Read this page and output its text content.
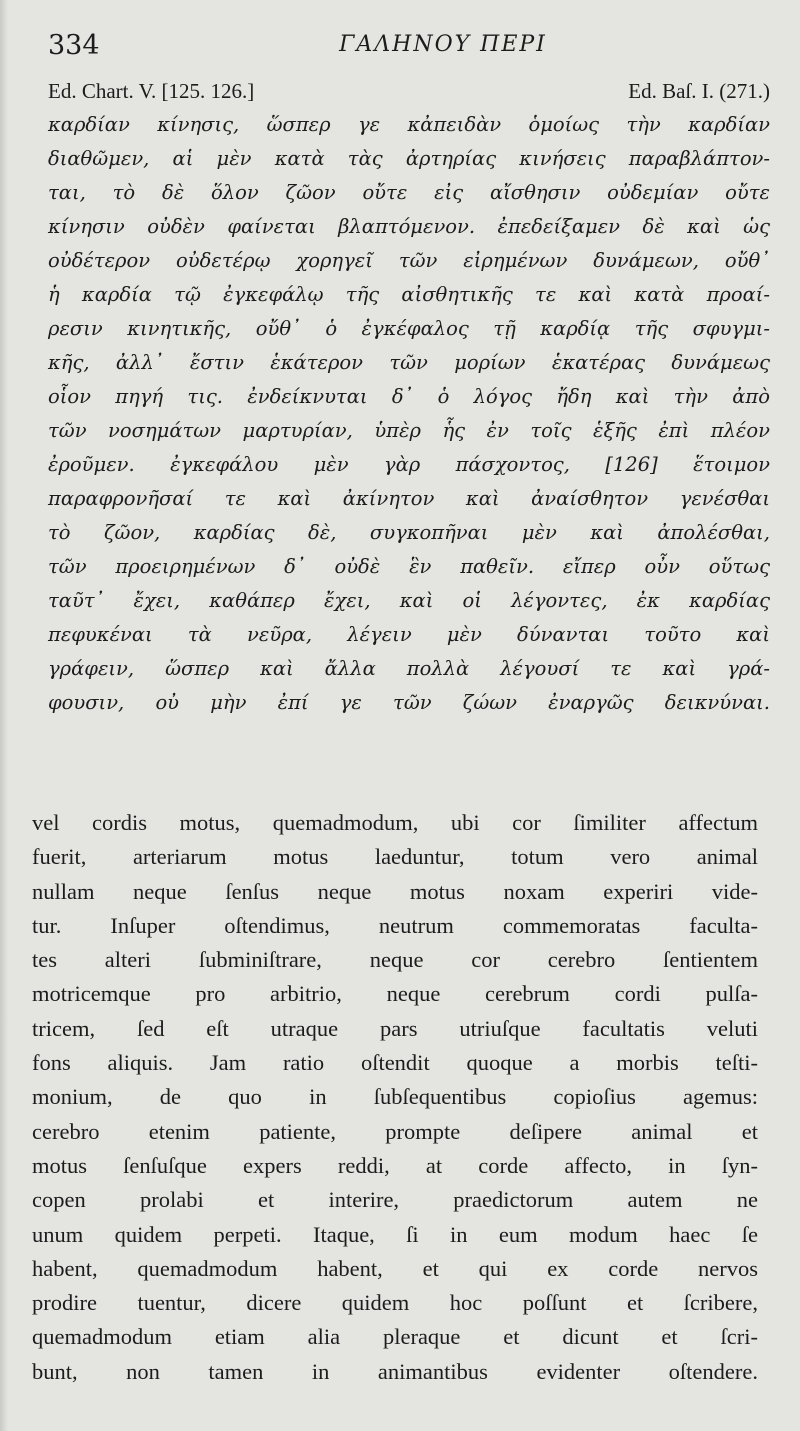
334	ΓΑΛΗΝΟΥ ΠΕΡΙ
Ed. Chart. V. [125. 126.]	Ed. Baſ. I. (271.)
καρδίαν κίνησις, ὥσπερ γε κἀπειδὰν ὁμοίως τὴν καρδίαν
διαθῶμεν, αἱ μὲν κατὰ τὰς ἀρτηρίας κινήσεις παραβλάπτον-
ται, τὸ δὲ ὅλον ζῶον οὔτε εἰς αἴσθησιν οὐδεμίαν οὔτε
κίνησιν οὐδὲν φαίνεται βλαπτόμενον. ἐπεδείξαμεν δὲ καὶ ὡς
οὐδέτερον οὐδετέρῳ χορηγεῖ τῶν εἰρημένων δυνάμεων, οὔθ᾽
ἡ καρδία τῷ ἐγκεφάλῳ τῆς αἰσθητικῆς τε καὶ κατὰ προαί-
ρεσιν κινητικῆς, οὔθ᾽ ὁ ἐγκέφαλος τῇ καρδίᾳ τῆς σφυγμι-
κῆς, ἀλλ᾽ ἔστιν ἑκάτερον τῶν μορίων ἑκατέρας δυνάμεως
οἷον πηγή τις. ἐνδείκνυται δ᾽ ὁ λόγος ἤδη καὶ τὴν ἀπὸ
τῶν νοσημάτων μαρτυρίαν, ὑπὲρ ἧς ἐν τοῖς ἑξῆς ἐπὶ πλέον
ἐροῦμεν. ἐγκεφάλου μὲν γὰρ πάσχοντος, [126] ἕτοιμον
παραφρονῆσαί τε καὶ ἀκίνητον καὶ ἀναίσθητον γενέσθαι
τὸ ζῶον, καρδίας δὲ, συγκοπῆναι μὲν καὶ ἀπολέσθαι,
τῶν προειρημένων δ᾽ οὐδὲ ἓν παθεῖν. εἴπερ οὖν οὕτως
ταῦτ᾽ ἔχει, καθάπερ ἔχει, καὶ οἱ λέγοντες, ἐκ καρδίας
πεφυκέναι τὰ νεῦρα, λέγειν μὲν δύνανται τοῦτο καὶ
γράφειν, ὥσπερ καὶ ἄλλα πολλὰ λέγουσί τε καὶ γρά-
φουσιν, οὐ μὴν ἐπί γε τῶν ζώων ἐναργῶς δεικνύναι.
vel cordis motus, quemadmodum, ubi cor ſimiliter affectum
fuerit, arteriarum motus laeduntur, totum vero animal
nullam neque ſenſus neque motus noxam experiri vide-
tur. Inſuper oſtendimus, neutrum commemoratas faculta-
tes alteri ſubminiſtrare, neque cor cerebro ſentientem
motricemque pro arbitrio, neque cerebrum cordi pulſa-
tricem, ſed eſt utraque pars utriuſque facultatis veluti
fons aliquis. Jam ratio oſtendit quoque a morbis teſti-
monium, de quo in ſubſequentibus copioſius agemus:
cerebro etenim patiente, prompte deſipere animal et
motus ſenſuſque expers reddi, at corde affecto, in ſyn-
copen prolabi et interire, praedictorum autem ne
unum quidem perpeti. Itaque, ſi in eum modum haec ſe
habent, quemadmodum habent, et qui ex corde nervos
prodire tuentur, dicere quidem hoc poſſunt et ſcribere,
quemadmodum etiam alia pleraque et dicunt et ſcri-
bunt, non tamen in animantibus evidenter oſtendere.
